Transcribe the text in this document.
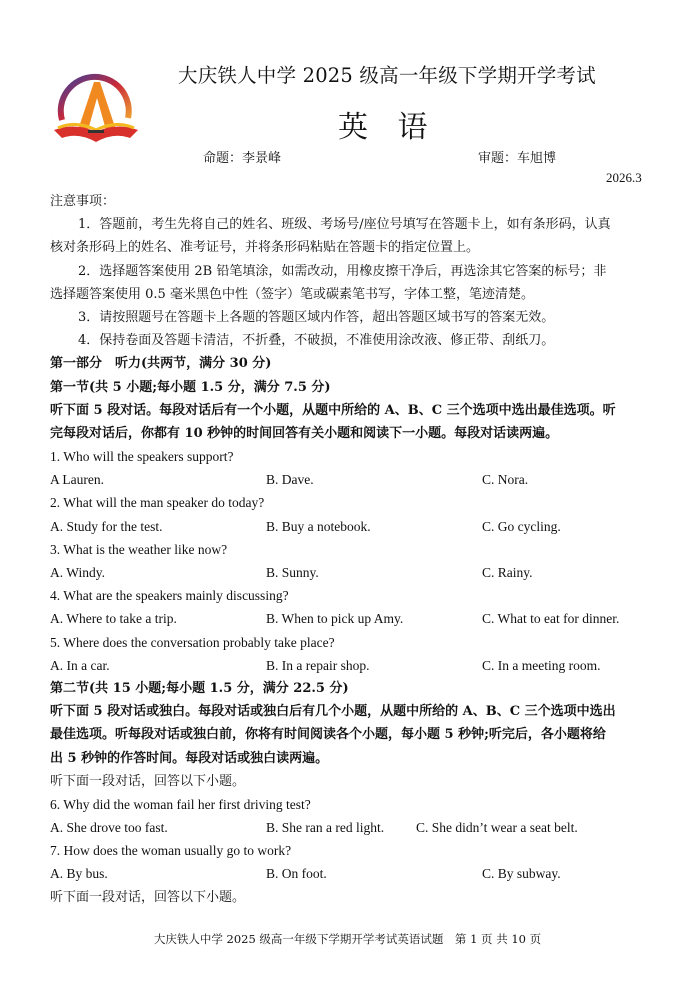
大庆铁人中学 2025 级高一年级下学期开学考试
英 语
命题：李景峰	审题：车旭博
2026.3
注意事项：
1．答题前，考生先将自己的姓名、班级、考场号/座位号填写在答题卡上，如有条形码，认真
核对条形码上的姓名、准考证号，并将条形码粘贴在答题卡的指定位置上。
2．选择题答案使用 2B 铅笔填涂，如需改动，用橡皮擦干净后，再选涂其它答案的标号；非
选择题答案使用 0.5 毫米黑色中性（签字）笔或碳素笔书写，字体工整，笔迹清楚。
3．请按照题号在答题卡上各题的答题区域内作答，超出答题区域书写的答案无效。
4．保持卷面及答题卡清洁，不折叠，不破损，不准使用涂改液、修正带、刮纸刀。
第一部分　听力(共两节，满分 30 分)
第一节(共 5 小题;每小题 1.5 分，满分 7.5 分)
听下面 5 段对话。每段对话后有一个小题，从题中所给的 A、B、C 三个选项中选出最佳选项。听
完每段对话后，你都有 10 秒钟的时间回答有关小题和阅读下一小题。每段对话读两遍。
1. Who will the speakers support?
A Lauren.	B. Dave.	C. Nora.
2. What will the man speaker do today?
A. Study for the test.	B. Buy a notebook.	C. Go cycling.
3. What is the weather like now?
A. Windy.	B. Sunny.	C. Rainy.
4. What are the speakers mainly discussing?
A. Where to take a trip.	B. When to pick up Amy.	C. What to eat for dinner.
5. Where does the conversation probably take place?
A. In a car.	B. In a repair shop.	C. In a meeting room.
第二节(共 15 小题;每小题 1.5 分，满分 22.5 分)
听下面 5 段对话或独白。每段对话或独白后有几个小题，从题中所给的 A、B、C 三个选项中选出
最佳选项。听每段对话或独白前，你将有时间阅读各个小题，每小题 5 秒钟;听完后，各小题将给
出 5 秒钟的作答时间。每段对话或独白读两遍。
听下面一段对话，回答以下小题。
6. Why did the woman fail her first driving test?
A. She drove too fast.	B. She ran a red light. C. She didn’t wear a seat belt.
7. How does the woman usually go to work?
A. By bus.	B. On foot.	C. By subway.
听下面一段对话，回答以下小题。
大庆铁人中学 2025 级高一年级下学期开学考试英语试题　第 1 页 共 10 页
